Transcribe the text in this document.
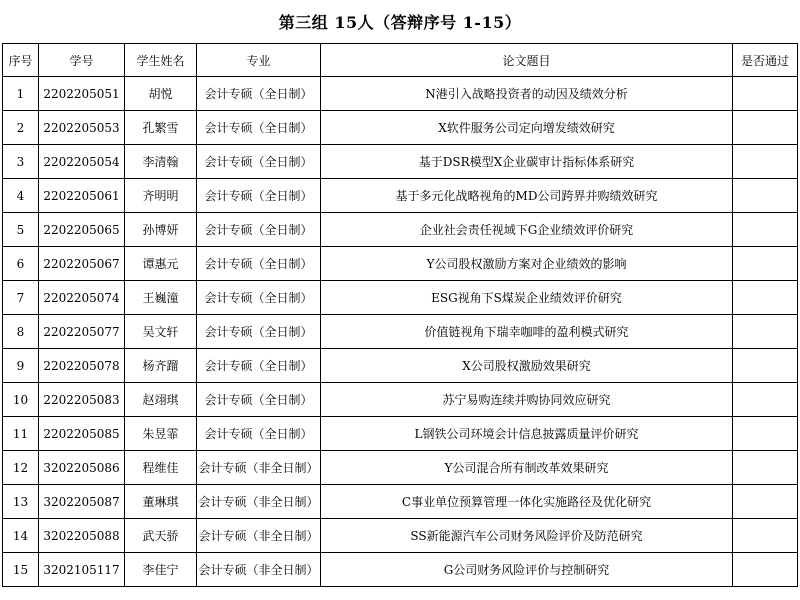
第三组 15人（答辩序号 1-15）
序号	学号	学生姓名	专业	论文题目	是否通过
1	2202205051	胡悦	会计专硕（全日制）	N港引入战略投资者的动因及绩效分析	
2	2202205053	孔繁雪	会计专硕（全日制）	X软件服务公司定向增发绩效研究	
3	2202205054	李清翰	会计专硕（全日制）	基于DSR模型X企业碳审计指标体系研究	
4	2202205061	齐明明	会计专硕（全日制）	基于多元化战略视角的MD公司跨界并购绩效研究	
5	2202205065	孙博妍	会计专硕（全日制）	企业社会责任视域下G企业绩效评价研究	
6	2202205067	谭惠元	会计专硕（全日制）	Y公司股权激励方案对企业绩效的影响	
7	2202205074	王巍潼	会计专硕（全日制）	ESG视角下S煤炭企业绩效评价研究	
8	2202205077	吴文轩	会计专硕（全日制）	价值链视角下瑞幸咖啡的盈利模式研究	
9	2202205078	杨齐蹓	会计专硕（全日制）	X公司股权激励效果研究	
10	2202205083	赵翊琪	会计专硕（全日制）	苏宁易购连续并购协同效应研究	
11	2202205085	朱昱霏	会计专硕（全日制）	L钢铁公司环境会计信息披露质量评价研究	
12	3202205086	程维佳	会计专硕（非全日制）	Y公司混合所有制改革效果研究	
13	3202205087	董琳琪	会计专硕（非全日制）	C事业单位预算管理一体化实施路径及优化研究	
14	3202205088	武天骄	会计专硕（非全日制）	SS新能源汽车公司财务风险评价及防范研究	
15	3202105117	李佳宁	会计专硕（非全日制）	G公司财务风险评价与控制研究	
